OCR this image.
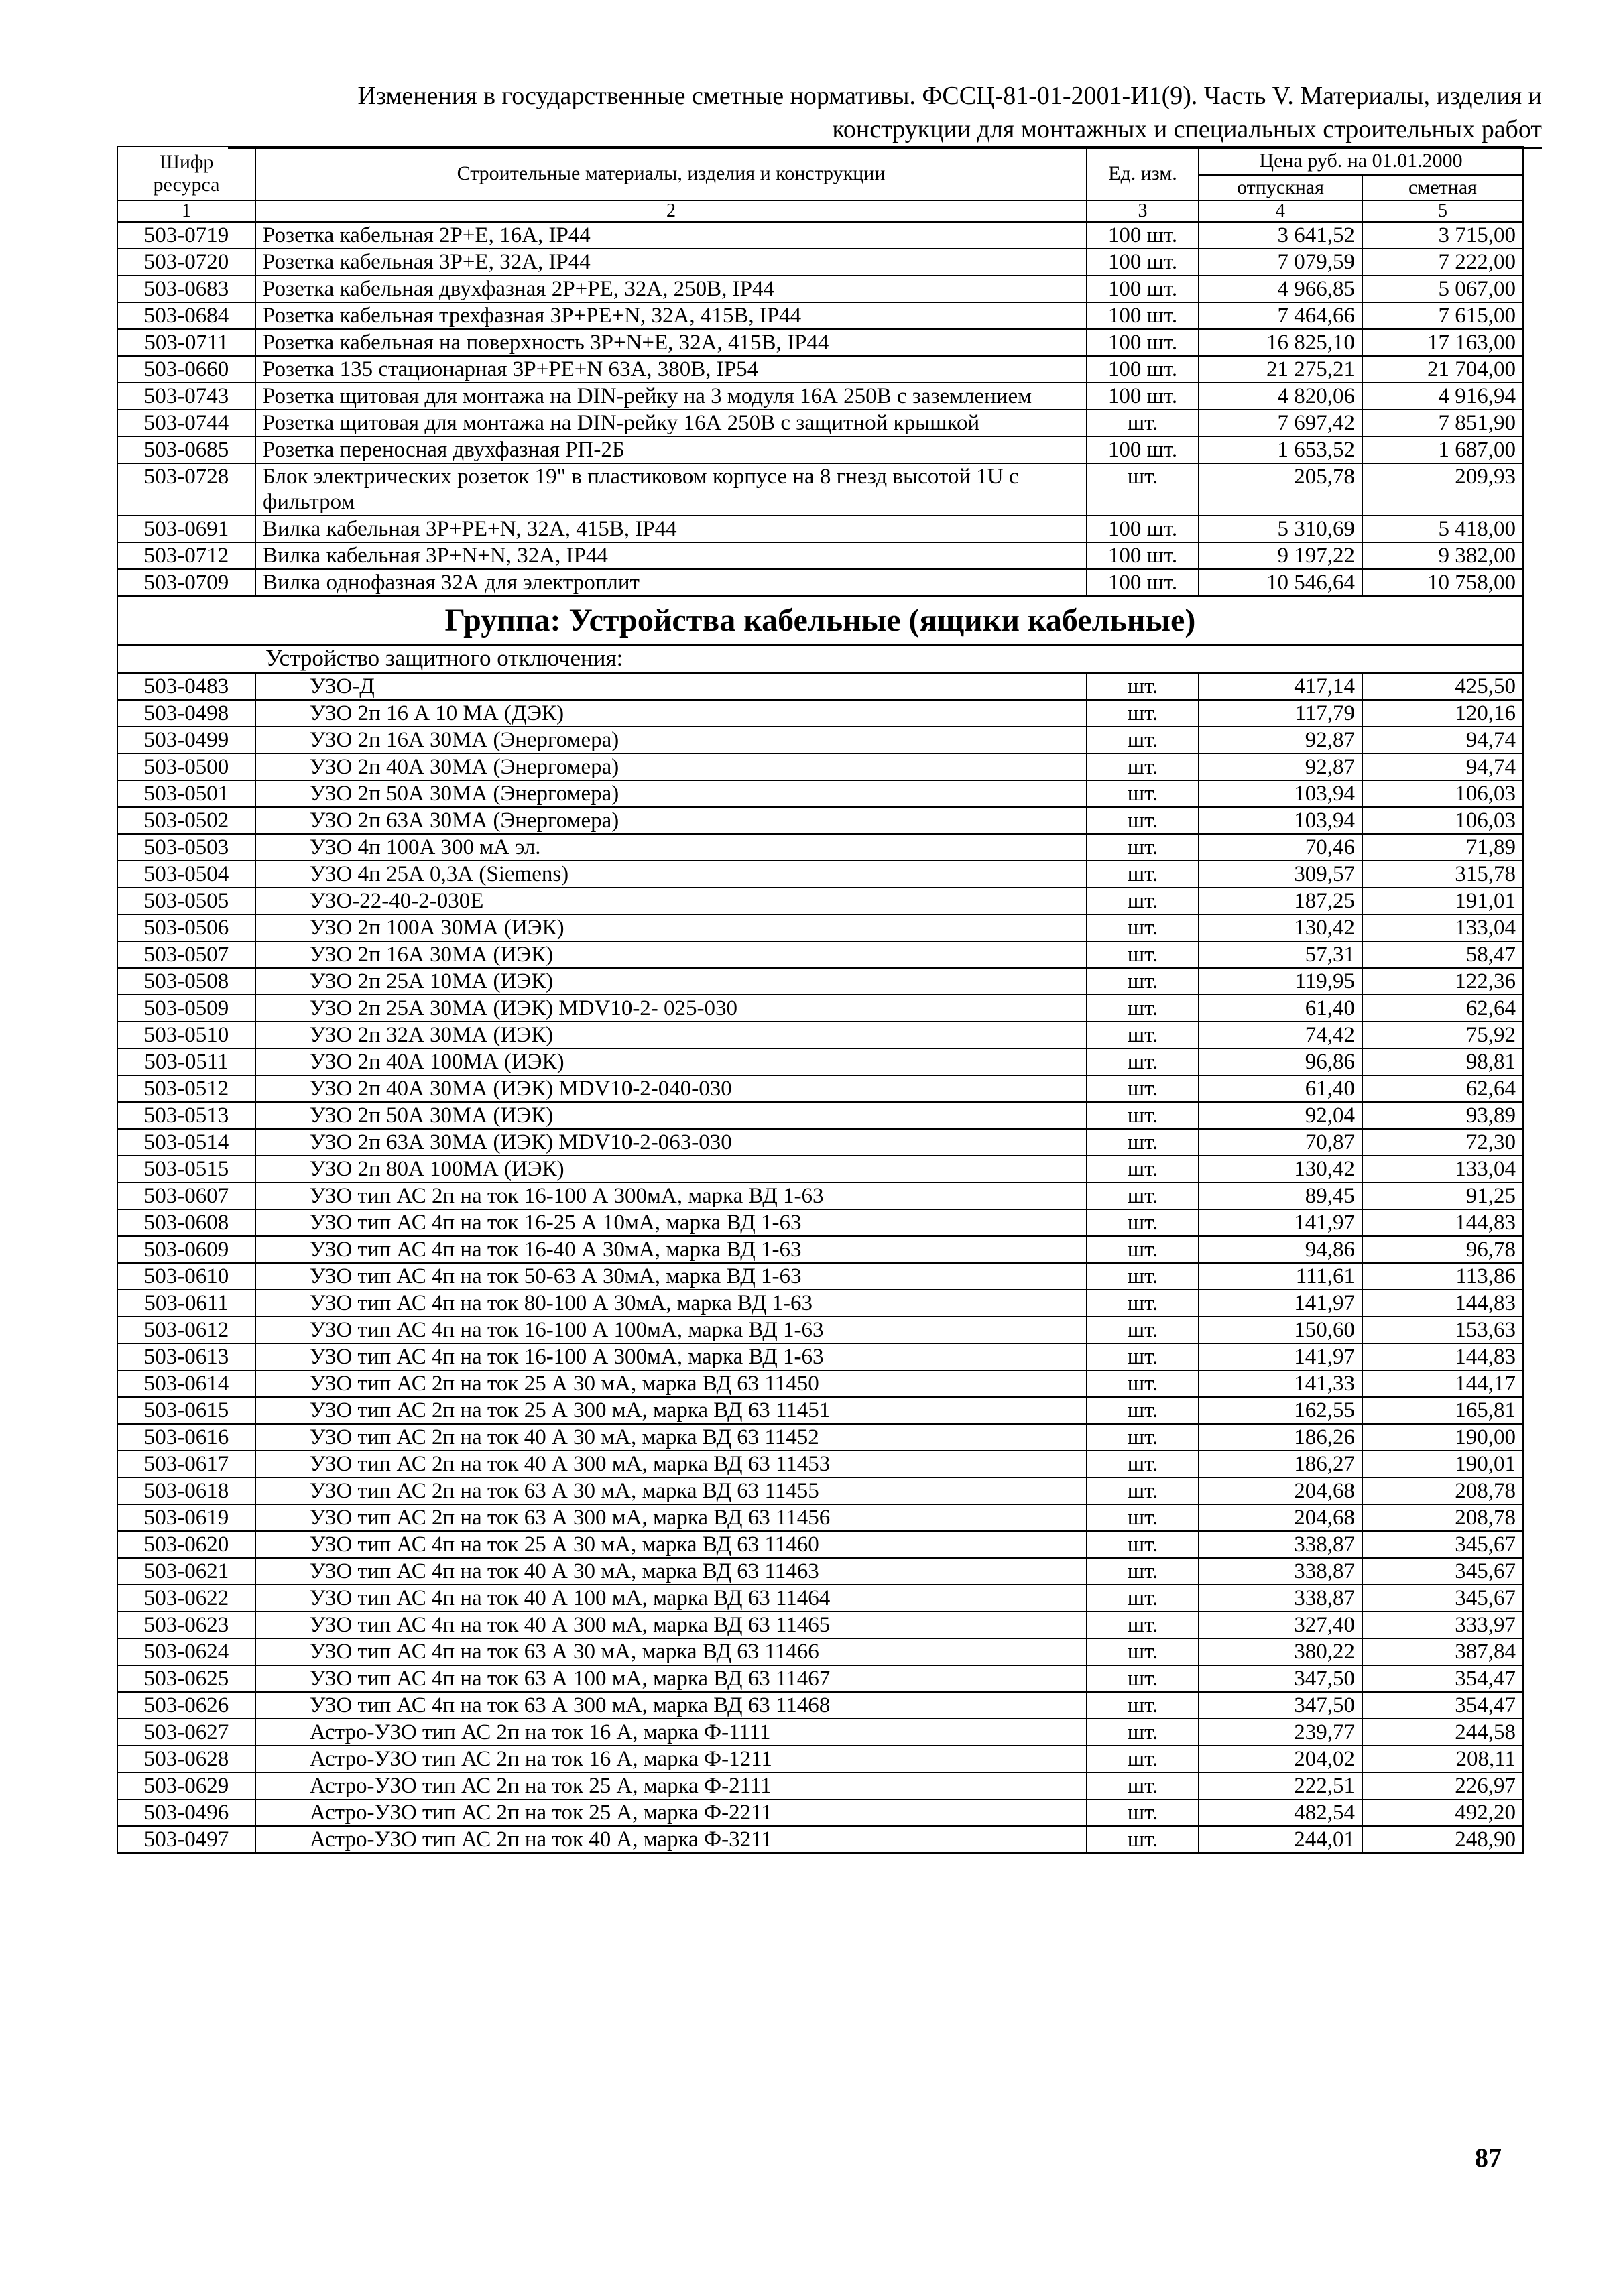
Изменения в государственные сметные нормативы. ФССЦ-81-01-2001-И1(9). Часть V. Материалы, изделия и
конструкции для монтажных и специальных строительных работ
Шифр ресурса	Строительные материалы, изделия и конструкции	Ед. изм.	Цена руб. на 01.01.2000	
			отпускная	сметная
1	2	3	4	5
503-0719	Розетка кабельная 2P+E, 16A, IP44	100 шт.	3 641,52	3 715,00
503-0720	Розетка кабельная 3P+E, 32A, IP44	100 шт.	7 079,59	7 222,00
503-0683	Розетка кабельная двухфазная 2P+PE, 32А, 250В, IP44	100 шт.	4 966,85	5 067,00
503-0684	Розетка кабельная трехфазная 3P+PE+N, 32А, 415В, IP44	100 шт.	7 464,66	7 615,00
503-0711	Розетка кабельная на поверхность 3P+N+E, 32A, 415B, IP44	100 шт.	16 825,10	17 163,00
503-0660	Розетка 135 стационарная 3P+PE+N 63A, 380B, IP54	100 шт.	21 275,21	21 704,00
503-0743	Розетка щитовая для монтажа на DIN-рейку на 3 модуля 16А 250В с заземлением	100 шт.	4 820,06	4 916,94
503-0744	Розетка щитовая для монтажа на DIN-рейку 16А 250В с защитной крышкой	шт.	7 697,42	7 851,90
503-0685	Розетка переносная двухфазная РП-2Б	100 шт.	1 653,52	1 687,00
503-0728	Блок электрических розеток 19" в пластиковом корпусе на 8 гнезд высотой 1U с фильтром	шт.	205,78	209,93
503-0691	Вилка кабельная 3P+PE+N, 32A, 415B, IP44	100 шт.	5 310,69	5 418,00
503-0712	Вилка кабельная 3P+N+N, 32A, IP44	100 шт.	9 197,22	9 382,00
503-0709	Вилка однофазная 32А для электроплит	100 шт.	10 546,64	10 758,00
Группа: Устройства кабельные (ящики кабельные)				
Устройство защитного отключения:				
503-0483	УЗО-Д	шт.	417,14	425,50
503-0498	УЗО 2п 16 А 10 МА (ДЭК)	шт.	117,79	120,16
503-0499	УЗО 2п 16А 30МА (Энергомера)	шт.	92,87	94,74
503-0500	УЗО 2п 40А 30МА (Энергомера)	шт.	92,87	94,74
503-0501	УЗО 2п 50А 30МА (Энергомера)	шт.	103,94	106,03
503-0502	УЗО 2п 63А 30МА (Энергомера)	шт.	103,94	106,03
503-0503	УЗО 4п 100А 300 мА эл.	шт.	70,46	71,89
503-0504	УЗО 4п 25А 0,3А (Siemens)	шт.	309,57	315,78
503-0505	УЗО-22-40-2-030Е	шт.	187,25	191,01
503-0506	УЗО 2п 100А 30МА (ИЭК)	шт.	130,42	133,04
503-0507	УЗО 2п 16А 30МА (ИЭК)	шт.	57,31	58,47
503-0508	УЗО 2п 25А 10МА (ИЭК)	шт.	119,95	122,36
503-0509	УЗО 2п 25А 30МА (ИЭК) MDV10-2- 025-030	шт.	61,40	62,64
503-0510	УЗО 2п 32А 30МА (ИЭК)	шт.	74,42	75,92
503-0511	УЗО 2п 40А 100МА (ИЭК)	шт.	96,86	98,81
503-0512	УЗО 2п 40А 30МА (ИЭК) MDV10-2-040-030	шт.	61,40	62,64
503-0513	УЗО 2п 50А 30МА (ИЭК)	шт.	92,04	93,89
503-0514	УЗО 2п 63А 30МА (ИЭК) MDV10-2-063-030	шт.	70,87	72,30
503-0515	УЗО 2п 80А 100МА (ИЭК)	шт.	130,42	133,04
503-0607	УЗО тип АС 2п на ток 16-100 А 300мА, марка ВД 1-63	шт.	89,45	91,25
503-0608	УЗО тип АС 4п на ток 16-25 А 10мА, марка ВД 1-63	шт.	141,97	144,83
503-0609	УЗО тип АС 4п на ток 16-40 А 30мА, марка ВД 1-63	шт.	94,86	96,78
503-0610	УЗО тип АС 4п на ток 50-63 А 30мА, марка ВД 1-63	шт.	111,61	113,86
503-0611	УЗО тип АС 4п на ток 80-100 А 30мА, марка ВД 1-63	шт.	141,97	144,83
503-0612	УЗО тип АС 4п на ток 16-100 А 100мА, марка ВД 1-63	шт.	150,60	153,63
503-0613	УЗО тип АС 4п на ток 16-100 А 300мА, марка ВД 1-63	шт.	141,97	144,83
503-0614	УЗО тип АС 2п на ток 25 А 30 мА, марка ВД 63 11450	шт.	141,33	144,17
503-0615	УЗО тип АС 2п на ток 25 А 300 мА, марка ВД 63 11451	шт.	162,55	165,81
503-0616	УЗО тип АС 2п на ток 40 А 30 мА, марка ВД 63 11452	шт.	186,26	190,00
503-0617	УЗО тип АС 2п на ток 40 А 300 мА, марка ВД 63 11453	шт.	186,27	190,01
503-0618	УЗО тип АС 2п на ток 63 А 30 мА, марка ВД 63 11455	шт.	204,68	208,78
503-0619	УЗО тип АС 2п на ток 63 А 300 мА, марка ВД 63 11456	шт.	204,68	208,78
503-0620	УЗО тип АС 4п на ток 25 А 30 мА, марка ВД 63 11460	шт.	338,87	345,67
503-0621	УЗО тип АС 4п на ток 40 А 30 мА, марка ВД 63 11463	шт.	338,87	345,67
503-0622	УЗО тип АС 4п на ток 40 А 100 мА, марка ВД 63 11464	шт.	338,87	345,67
503-0623	УЗО тип АС 4п на ток 40 А 300 мА, марка ВД 63 11465	шт.	327,40	333,97
503-0624	УЗО тип АС 4п на ток 63 А 30 мА, марка ВД 63 11466	шт.	380,22	387,84
503-0625	УЗО тип АС 4п на ток 63 А 100 мА, марка ВД 63 11467	шт.	347,50	354,47
503-0626	УЗО тип АС 4п на ток 63 А 300 мА, марка ВД 63 11468	шт.	347,50	354,47
503-0627	Астро-УЗО тип АС 2п на ток 16 А, марка Ф-1111	шт.	239,77	244,58
503-0628	Астро-УЗО тип АС 2п на ток 16 А, марка Ф-1211	шт.	204,02	208,11
503-0629	Астро-УЗО тип АС 2п на ток 25 А, марка Ф-2111	шт.	222,51	226,97
503-0496	Астро-УЗО тип АС 2п на ток 25 А, марка Ф-2211	шт.	482,54	492,20
503-0497	Астро-УЗО тип АС 2п на ток 40 А, марка Ф-3211	шт.	244,01	248,90
87
